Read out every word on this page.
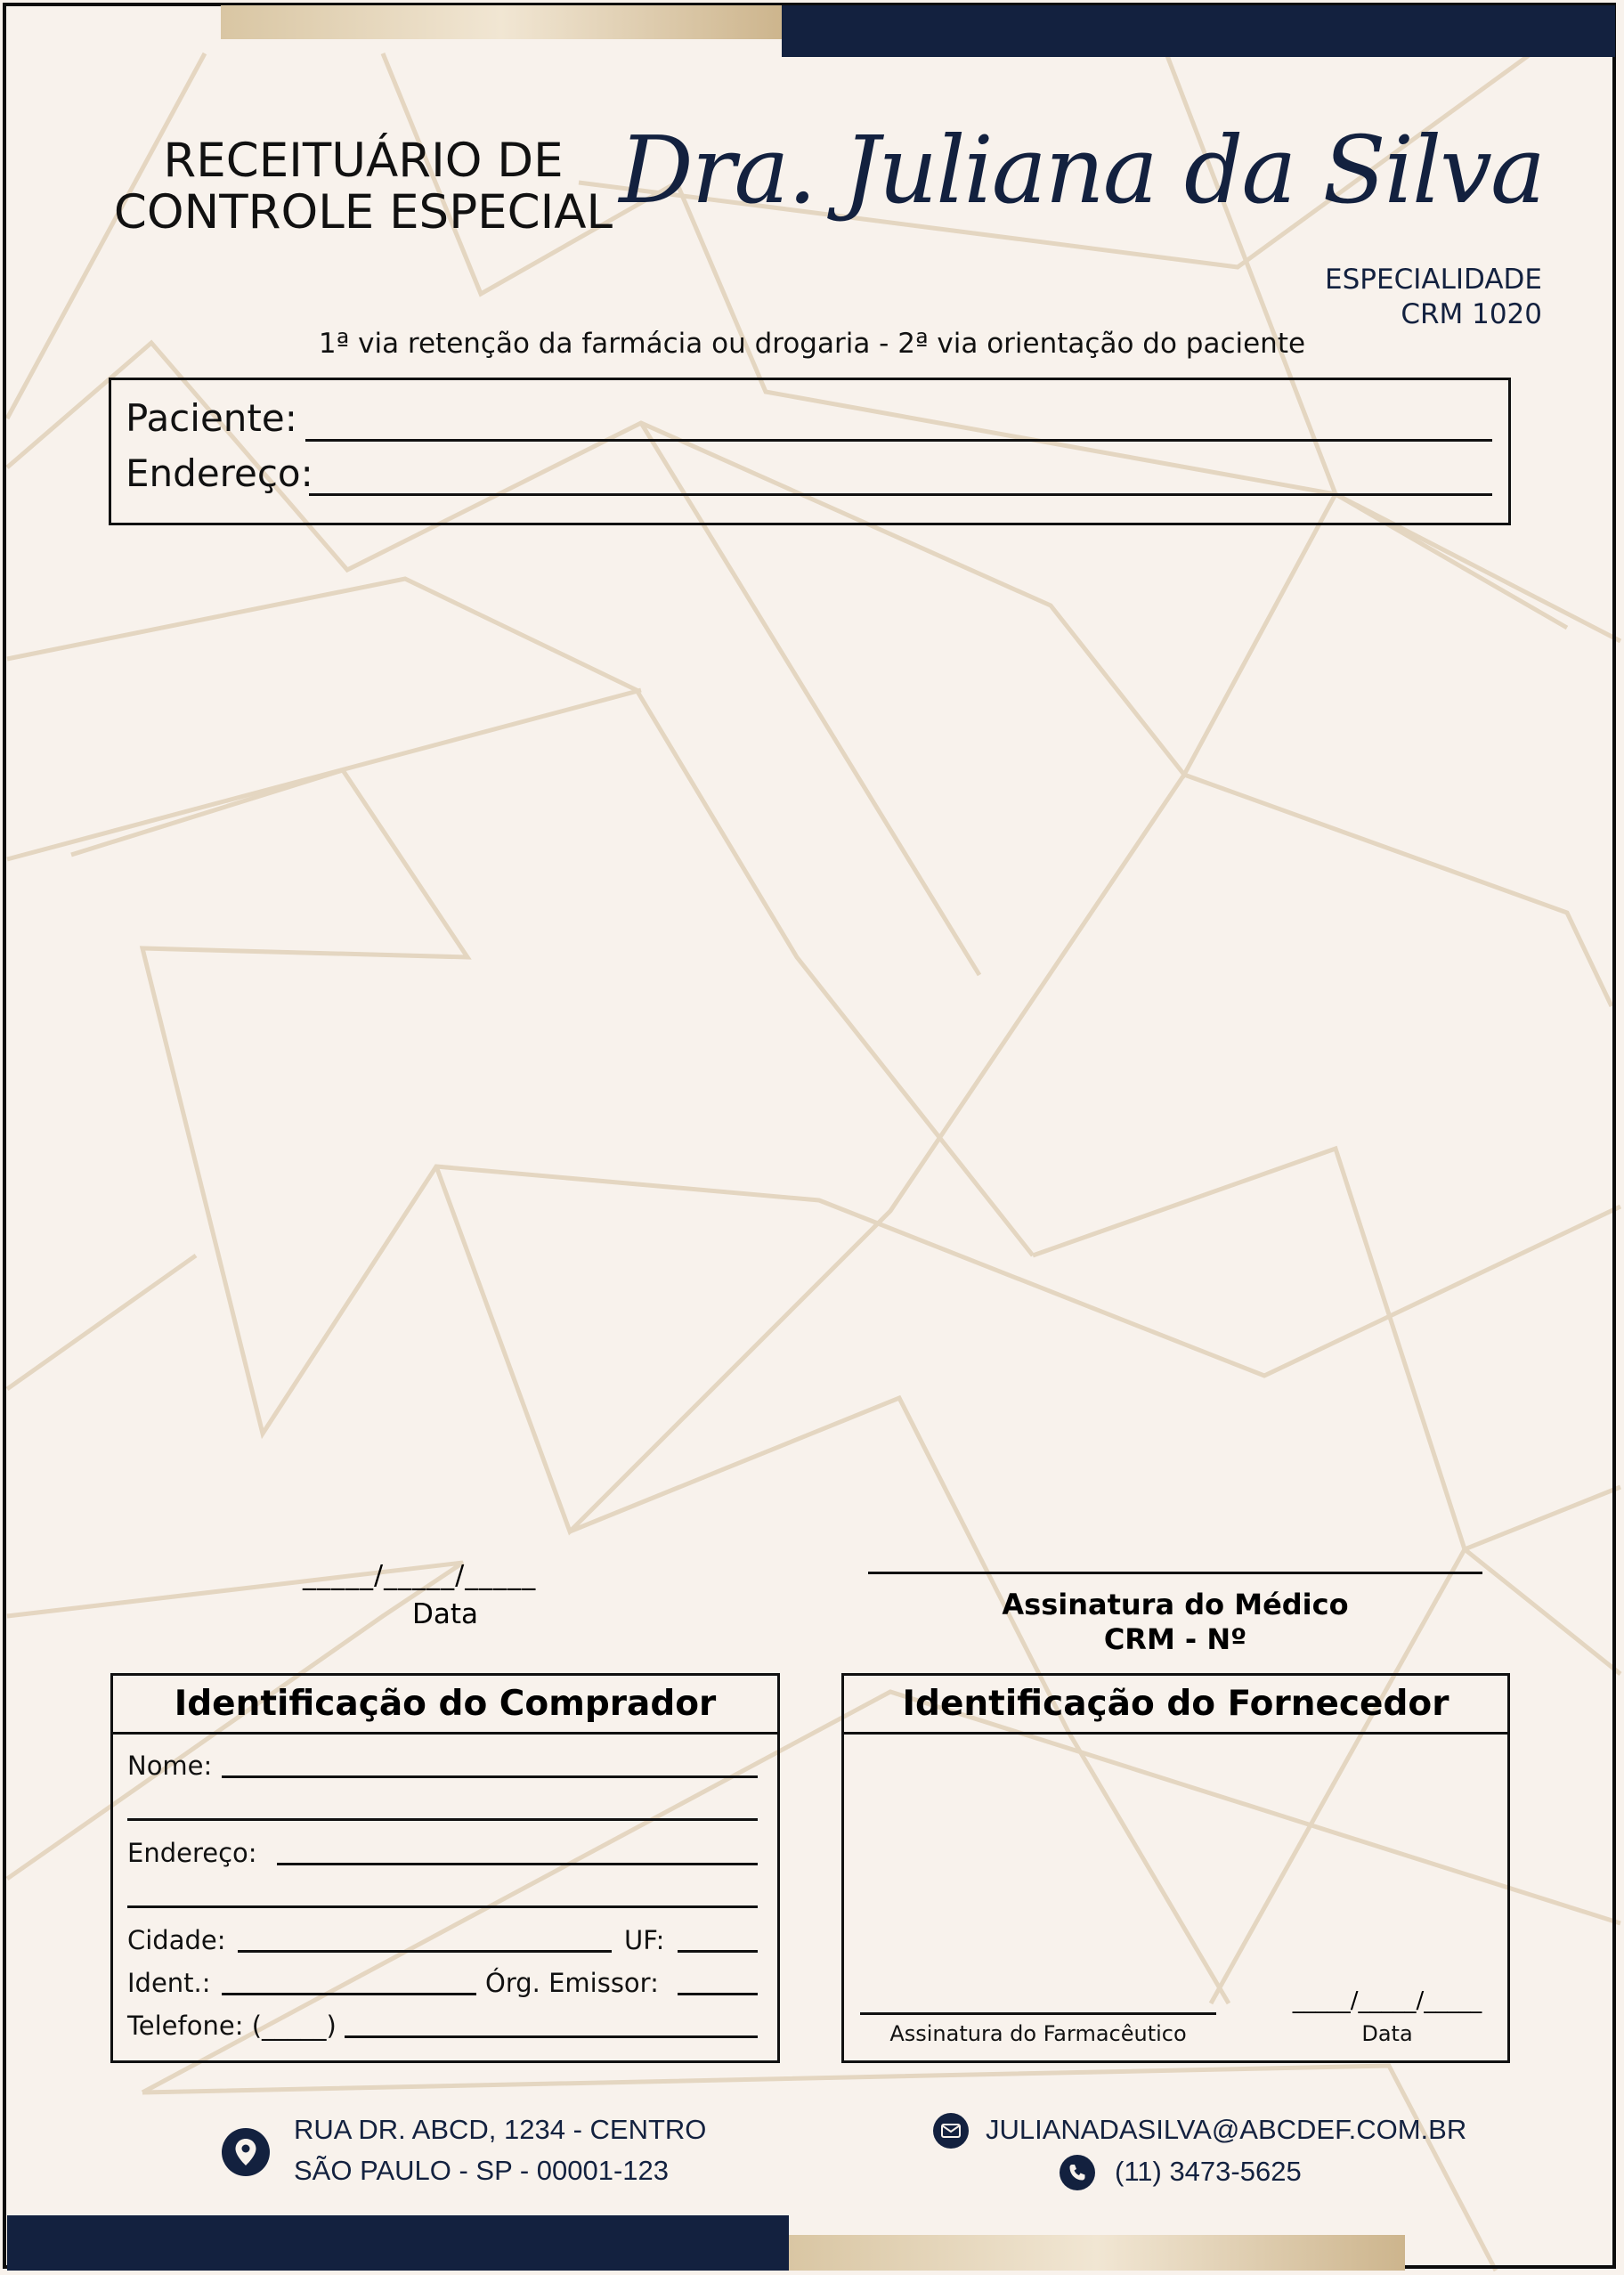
RECEITUÁRIO DE
CONTROLE ESPECIAL Dra. Juliana da Silva
ESPECIALIDADE
CRM 1020
1ª via retenção da farmácia ou drogaria - 2ª via orientação do paciente
Paciente:
Endereço:
_____/_____/_____
Data	Assinatura do Médico
CRM - Nº
Identificação do Comprador
Nome:
Endereço:
Cidade:	UF:
Ident.:	Órg. Emissor:
Telefone: (_____)
Identificação do Fornecedor
Assinatura do Farmacêutico
_____/_____/_____
Data
RUA DR. ABCD, 1234 - CENTRO
SÃO PAULO - SP - 00001-123
JULIANADASILVA@ABCDEF.COM.BR
(11) 3473-5625
